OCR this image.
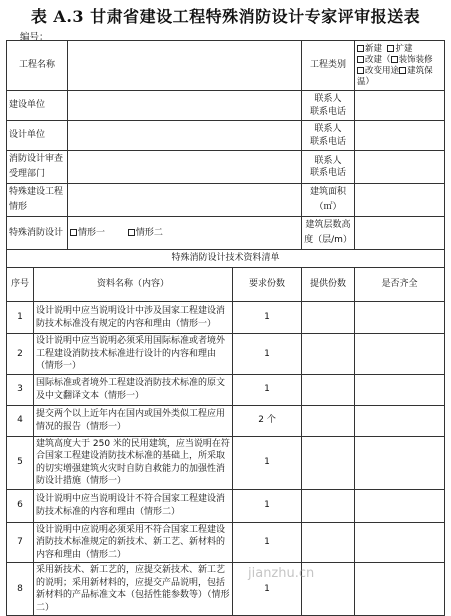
表 A.3 甘肃省建设工程特殊消防设计专家评审报送表
编号：
工程名称				工程类别	新建 扩建
改建（ 装饰装修
改变用途 建筑保温）

建设单位				联系人
联系电话	

设计单位				联系人
联系电话	

消防设计审查受理部门				联系人
联系电话	

特殊建设工程情形				建筑面积（㎡）	
特殊消防设计		情形一 情形二		建筑层数高度（层/m）	
特殊消防设计技术资料清单					
序号	资料名称（内容）		要求份数	提供份数	是否齐全
1	设计说明中应当说明设计中涉及国家工程建设消防技术标准没有规定的内容和理由（情形一）		1		
2	设计说明中应当说明必须采用国际标准或者境外工程建设消防技术标准进行设计的内容和理由（情形一）		1		
3	国际标准或者境外工程建设消防技术标准的原文及中文翻译文本（情形一）		1		
4	提交两个以上近年内在国内或国外类似工程应用情况的报告（情形一）		2 个		
5	建筑高度大于 250 米的民用建筑，应当说明在符合国家工程建设消防技术标准的基础上，所采取的切实增强建筑火灾时自防自救能力的加强性消防设计措施（情形一）		1		
6	设计说明中应当说明设计不符合国家工程建设消防技术标准的内容和理由（情形二）		1		
7	设计说明中应说明必须采用不符合国家工程建设消防技术标准规定的新技术、新工艺、新材料的内容和理由（情形二）		1		
8	采用新技术、新工艺的，应提交新技术、新工艺的说明；采用新材料的，应提交产品说明，包括新材料的产品标准文本（包括性能参数等）（情形二）		1		
jianzhu.cn
